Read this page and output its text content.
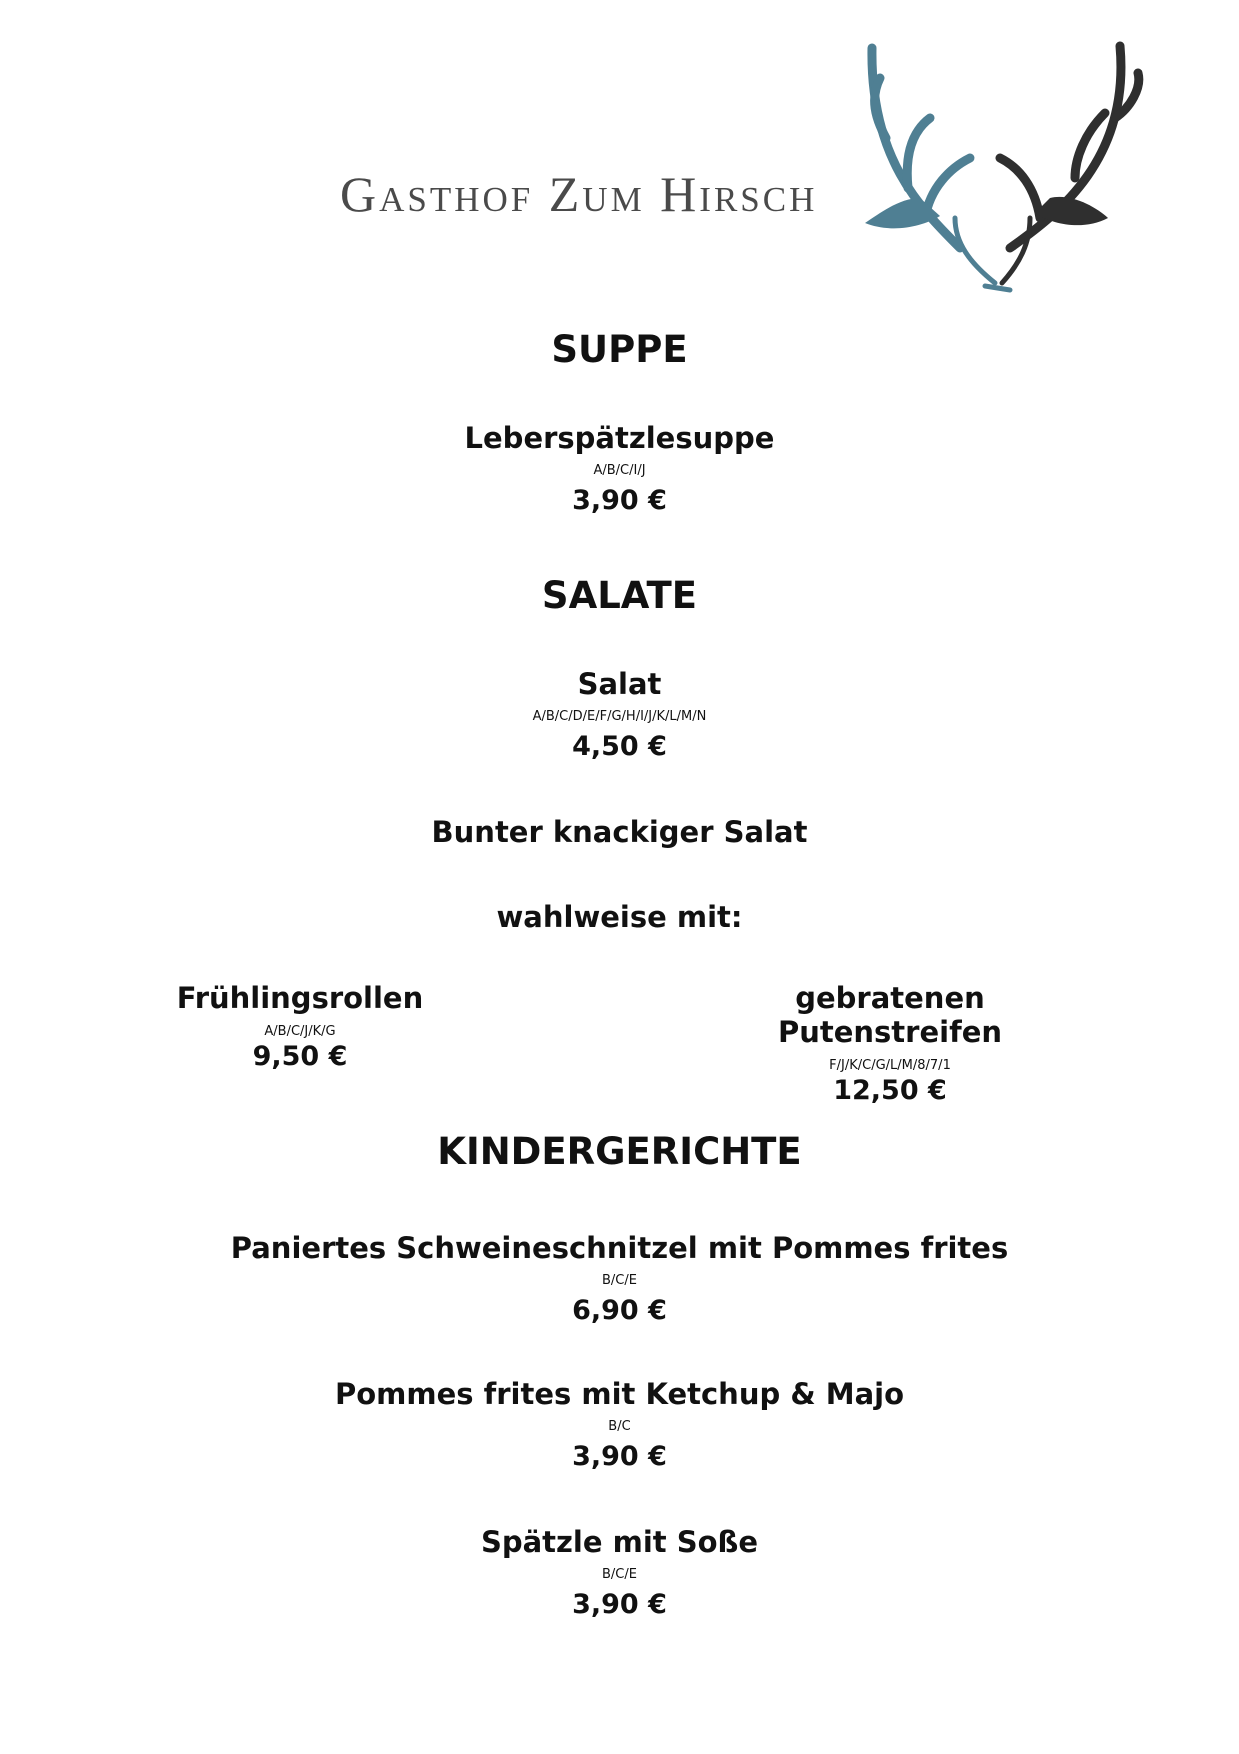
Gasthof Zum Hirsch
SUPPE
Leberspätzlesuppe
A/B/C/I/J
3,90 €
SALATE
Salat
A/B/C/D/E/F/G/H/I/J/K/L/M/N
4,50 €
Bunter knackiger Salat
wahlweise mit:
Frühlingsrollen
A/B/C/J/K/G
9,50 €
gebratenen Putenstreifen
F/J/K/C/G/L/M/8/7/1
12,50 €
KINDERGERICHTE
Paniertes Schweineschnitzel mit Pommes frites
B/C/E
6,90 €
Pommes frites mit Ketchup & Majo
B/C
3,90 €
Spätzle mit Soße
B/C/E
3,90 €
